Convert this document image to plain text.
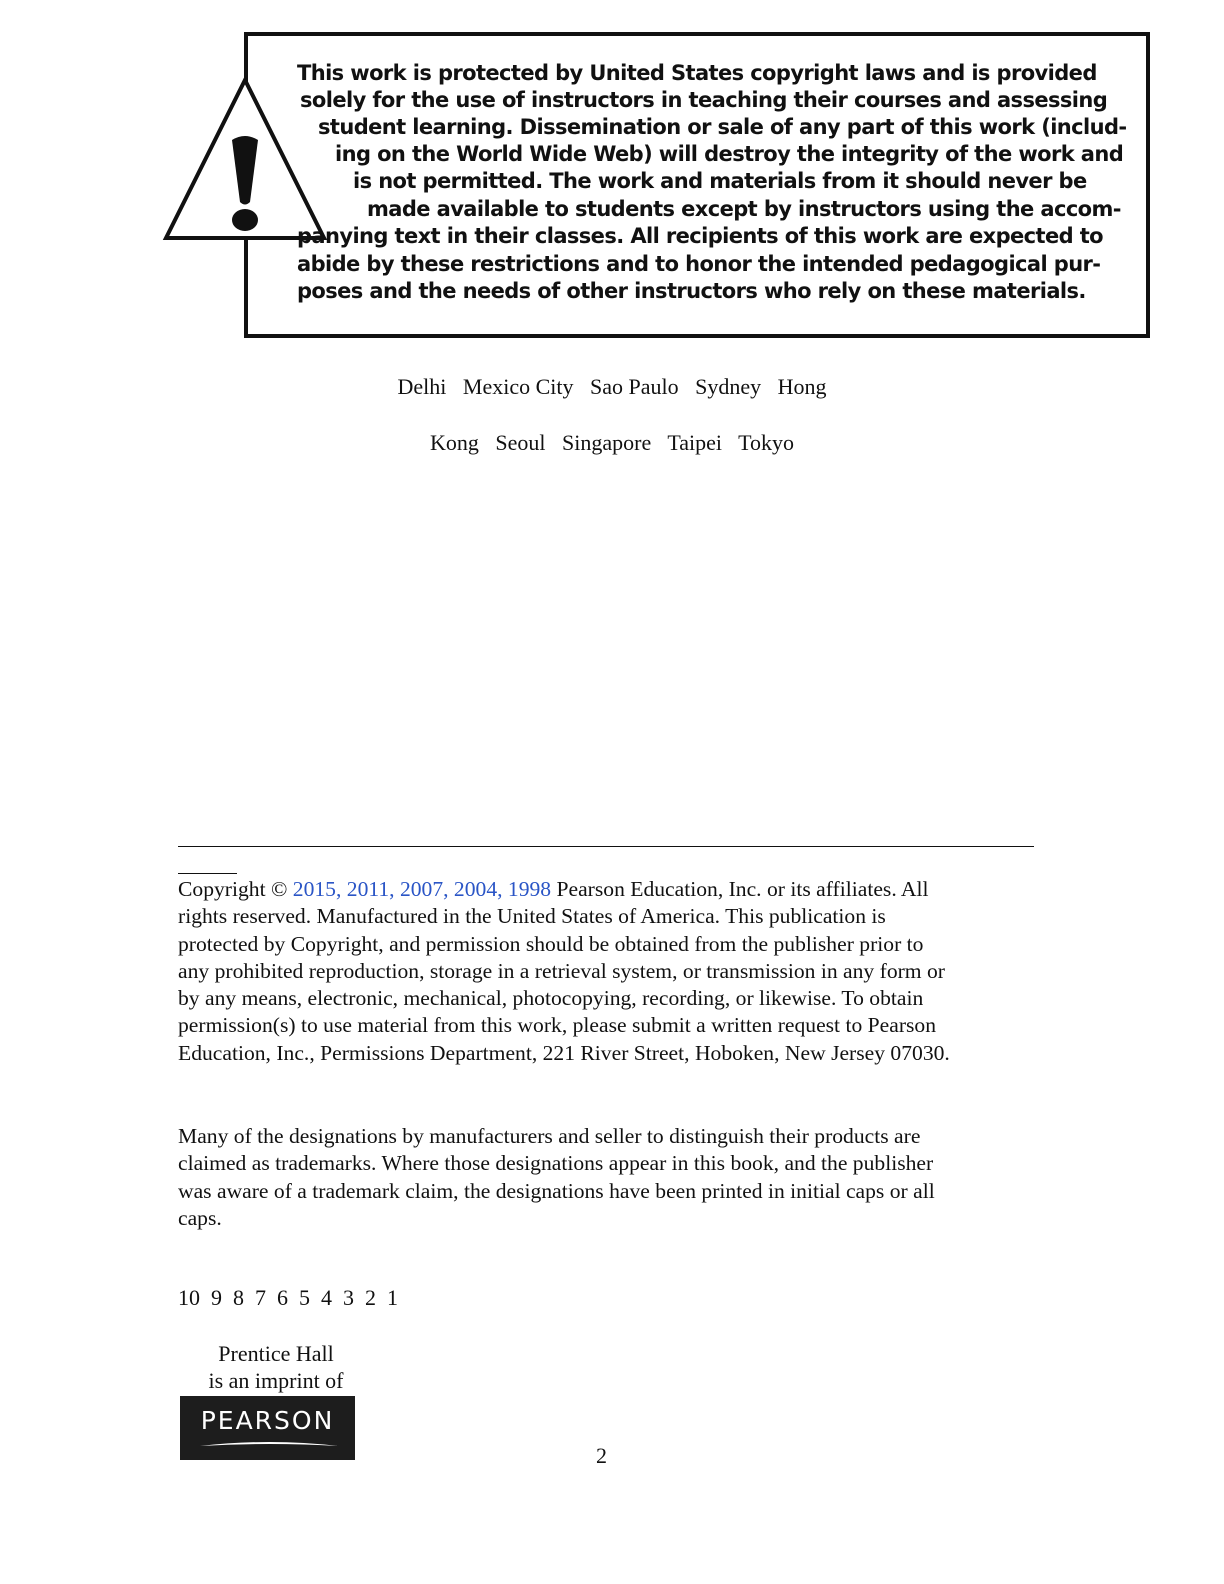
This work is protected by United States copyright laws and is provided
solely for the use of instructors in teaching their courses and assessing
student learning. Dissemination or sale of any part of this work (includ-
ing on the World Wide Web) will destroy the integrity of the work and
is not permitted. The work and materials from it should never be
made available to students except by instructors using the accom-
panying text in their classes. All recipients of this work are expected to
abide by these restrictions and to honor the intended pedagogical pur-
poses and the needs of other instructors who rely on these materials.
Delhi   Mexico City   Sao Paulo   Sydney   Hong
Kong   Seoul   Singapore   Taipei   Tokyo
Copyright © 2015, 2011, 2007, 2004, 1998 Pearson Education, Inc. or its affiliates. All
rights reserved. Manufactured in the United States of America. This publication is
protected by Copyright, and permission should be obtained from the publisher prior to
any prohibited reproduction, storage in a retrieval system, or transmission in any form or
by any means, electronic, mechanical, photocopying, recording, or likewise. To obtain
permission(s) to use material from this work, please submit a written request to Pearson
Education, Inc., Permissions Department, 221 River Street, Hoboken, New Jersey 07030.
Many of the designations by manufacturers and seller to distinguish their products are
claimed as trademarks. Where those designations appear in this book, and the publisher
was aware of a trademark claim, the designations have been printed in initial caps or all
caps.
10  9  8  7  6  5  4  3  2  1
Prentice Hall
is an imprint of
PEARSON
2
